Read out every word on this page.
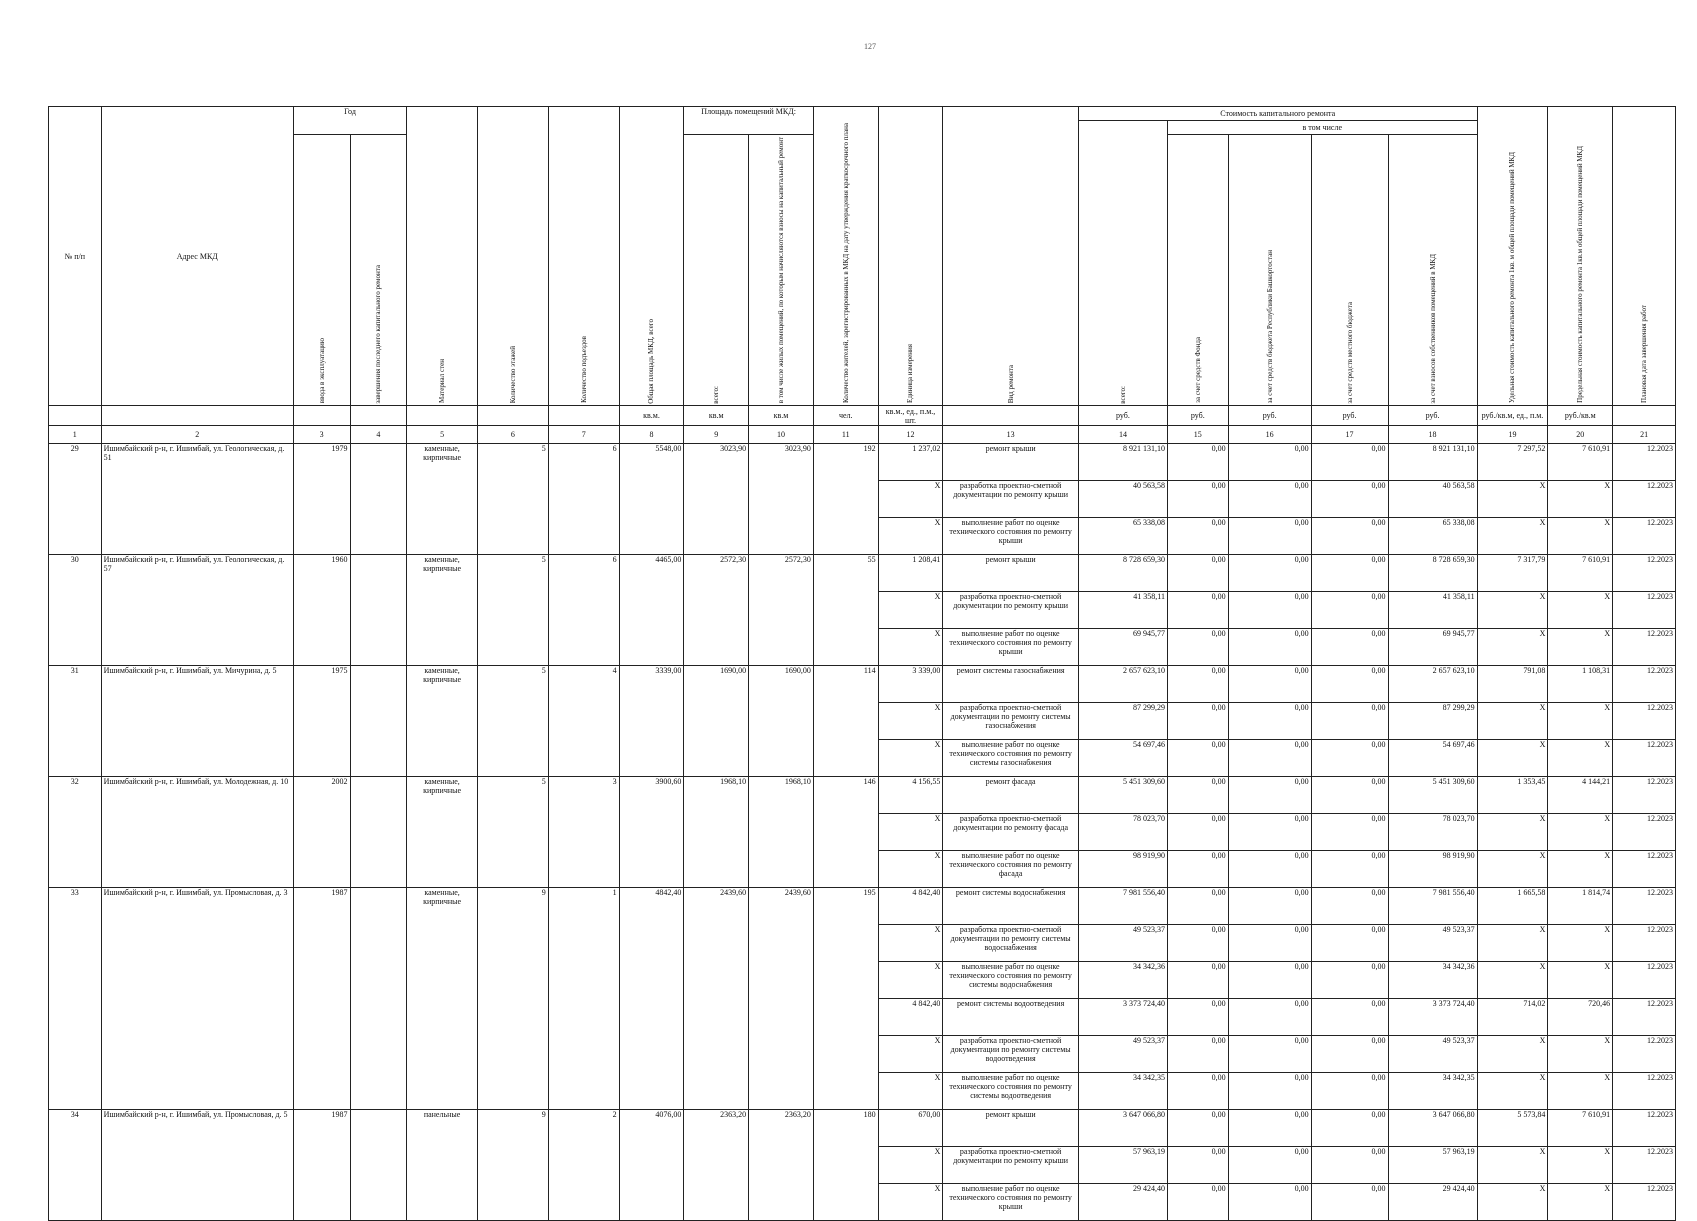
127
№ п/п	Адрес МКД	Год		Материал стен	Количество этажей	Количество подъездов	Общая площадь МКД, всего	Площадь помещений МКД:		Количество жителей, зарегистрированных в МКД на дату утверждения краткосрочного плана	Единица измерения	Вид ремонта	Стоимость капитального ремонта					Удельная стоимость капитального ремонта 1кв. м общей площади помещений МКД	Предельная стоимость капитального ремонта 1кв.м общей площади помещений МКД	Плановая дата завершения работ

													всего:	в том числе						

		ввода в эксплуатацию	завершения последнего капитального ремонта					всего:	в том числе жилых помещений, по которым начисляются взносы на капитальный ремонт					за счет средств Фонда	за счет средств бюджета Республики Башкортостан	за счет средств местного бюджета	за счет взносов собственников помещений в МКД			

							кв.м.	кв.м	кв.м	чел.	кв.м., ед., п.м., шт.		руб.	руб.	руб.	руб.	руб.	руб./кв.м, ед., п.м.	руб./кв.м	
1	2	3	4	5	6	7	8	9	10	11	12	13	14	15	16	17	18	19	20	21
29	Ишимбайский р-н, г. Ишимбай, ул. Геологическая, д. 51	1979		каменные, кирпичные	5	6	5548,00	3023,90	3023,90	192	1 237,02	ремонт крыши	8 921 131,10	0,00	0,00	0,00	8 921 131,10	7 297,52	7 610,91	12.2023
											X	разработка проектно-сметной документации по ремонту крыши	40 563,58	0,00	0,00	0,00	40 563,58	X	X	12.2023
											X	выполнение работ по оценке технического состояния по ремонту крыши	65 338,08	0,00	0,00	0,00	65 338,08	X	X	12.2023
30	Ишимбайский р-н, г. Ишимбай, ул. Геологическая, д. 57	1960		каменные, кирпичные	5	6	4465,00	2572,30	2572,30	55	1 208,41	ремонт крыши	8 728 659,30	0,00	0,00	0,00	8 728 659,30	7 317,79	7 610,91	12.2023
											X	разработка проектно-сметной документации по ремонту крыши	41 358,11	0,00	0,00	0,00	41 358,11	X	X	12.2023
											X	выполнение работ по оценке технического состояния по ремонту крыши	69 945,77	0,00	0,00	0,00	69 945,77	X	X	12.2023
31	Ишимбайский р-н, г. Ишимбай, ул. Мичурина, д. 5	1975		каменные, кирпичные	5	4	3339,00	1690,00	1690,00	114	3 339,00	ремонт системы газоснабжения	2 657 623,10	0,00	0,00	0,00	2 657 623,10	791,08	1 108,31	12.2023
											X	разработка проектно-сметной документации по ремонту системы газоснабжения	87 299,29	0,00	0,00	0,00	87 299,29	X	X	12.2023
											X	выполнение работ по оценке технического состояния по ремонту системы газоснабжения	54 697,46	0,00	0,00	0,00	54 697,46	X	X	12.2023
32	Ишимбайский р-н, г. Ишимбай, ул. Молодежная, д. 10	2002		каменные, кирпичные	5	3	3900,60	1968,10	1968,10	146	4 156,55	ремонт фасада	5 451 309,60	0,00	0,00	0,00	5 451 309,60	1 353,45	4 144,21	12.2023
											X	разработка проектно-сметной документации по ремонту фасада	78 023,70	0,00	0,00	0,00	78 023,70	X	X	12.2023
											X	выполнение работ по оценке технического состояния по ремонту фасада	98 919,90	0,00	0,00	0,00	98 919,90	X	X	12.2023
33	Ишимбайский р-н, г. Ишимбай, ул. Промысловая, д. 3	1987		каменные, кирпичные	9	1	4842,40	2439,60	2439,60	195	4 842,40	ремонт системы водоснабжения	7 981 556,40	0,00	0,00	0,00	7 981 556,40	1 665,58	1 814,74	12.2023
											X	разработка проектно-сметной документации по ремонту системы водоснабжения	49 523,37	0,00	0,00	0,00	49 523,37	X	X	12.2023
											X	выполнение работ по оценке технического состояния по ремонту системы водоснабжения	34 342,36	0,00	0,00	0,00	34 342,36	X	X	12.2023
											4 842,40	ремонт системы водоотведения	3 373 724,40	0,00	0,00	0,00	3 373 724,40	714,02	720,46	12.2023
											X	разработка проектно-сметной документации по ремонту системы водоотведения	49 523,37	0,00	0,00	0,00	49 523,37	X	X	12.2023
											X	выполнение работ по оценке технического состояния по ремонту системы водоотведения	34 342,35	0,00	0,00	0,00	34 342,35	X	X	12.2023
34	Ишимбайский р-н, г. Ишимбай, ул. Промысловая, д. 5	1987		панельные	9	2	4076,00	2363,20	2363,20	180	670,00	ремонт крыши	3 647 066,80	0,00	0,00	0,00	3 647 066,80	5 573,84	7 610,91	12.2023
											X	разработка проектно-сметной документации по ремонту крыши	57 963,19	0,00	0,00	0,00	57 963,19	X	X	12.2023
											X	выполнение работ по оценке технического состояния по ремонту крыши	29 424,40	0,00	0,00	0,00	29 424,40	X	X	12.2023
